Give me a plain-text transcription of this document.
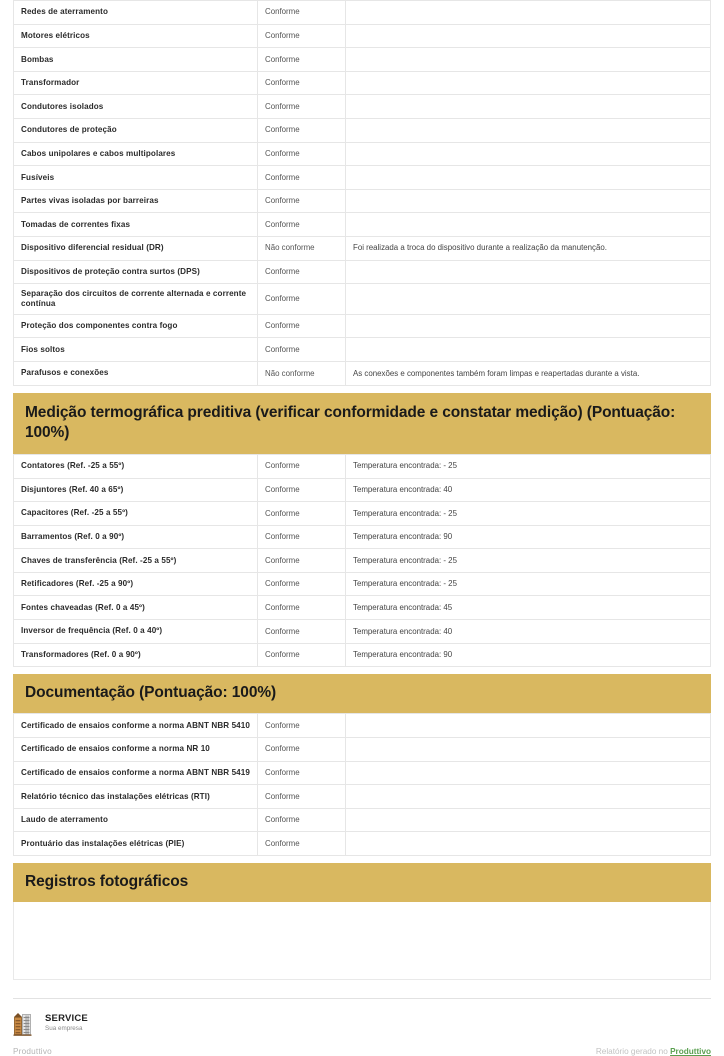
Redes de aterramento	Conforme	
Motores elétricos	Conforme	
Bombas	Conforme	
Transformador	Conforme	
Condutores isolados	Conforme	
Condutores de proteção	Conforme	
Cabos unipolares e cabos multipolares	Conforme	
Fusíveis	Conforme	
Partes vivas isoladas por barreiras	Conforme	
Tomadas de correntes fixas	Conforme	
Dispositivo diferencial residual (DR)	Não conforme	Foi realizada a troca do dispositivo durante a realização da manutenção.
Dispositivos de proteção contra surtos (DPS)	Conforme	
Separação dos circuitos de corrente alternada e corrente contínua	Conforme	
Proteção dos componentes contra fogo	Conforme	
Fios soltos	Conforme	
Parafusos e conexões	Não conforme	As conexões e componentes também foram limpas e reapertadas durante a vista.
Medição termográfica preditiva (verificar conformidade e constatar medição) (Pontuação: 100%)
Contatores (Ref. -25 a 55º)	Conforme	Temperatura encontrada: - 25
Disjuntores (Ref. 40 a 65º)	Conforme	Temperatura encontrada: 40
Capacitores (Ref. -25 a 55º)	Conforme	Temperatura encontrada: - 25
Barramentos (Ref. 0 a 90º)	Conforme	Temperatura encontrada: 90
Chaves de transferência (Ref. -25 a 55º)	Conforme	Temperatura encontrada: - 25
Retificadores (Ref. -25 a 90º)	Conforme	Temperatura encontrada: - 25
Fontes chaveadas (Ref. 0 a 45º)	Conforme	Temperatura encontrada: 45
Inversor de frequência (Ref. 0 a 40º)	Conforme	Temperatura encontrada: 40
Transformadores (Ref. 0 a 90º)	Conforme	Temperatura encontrada: 90
Documentação (Pontuação: 100%)
Certificado de ensaios conforme a norma ABNT NBR 5410	Conforme	
Certificado de ensaios conforme a norma NR 10	Conforme	
Certificado de ensaios conforme a norma ABNT NBR 5419	Conforme	
Relatório técnico das instalações elétricas (RTI)	Conforme	
Laudo de aterramento	Conforme	
Prontuário das instalações elétricas (PIE)	Conforme	
Registros fotográficos
SERVICE
Sua empresa
Produttivo	Relatório gerado no Produttivo
